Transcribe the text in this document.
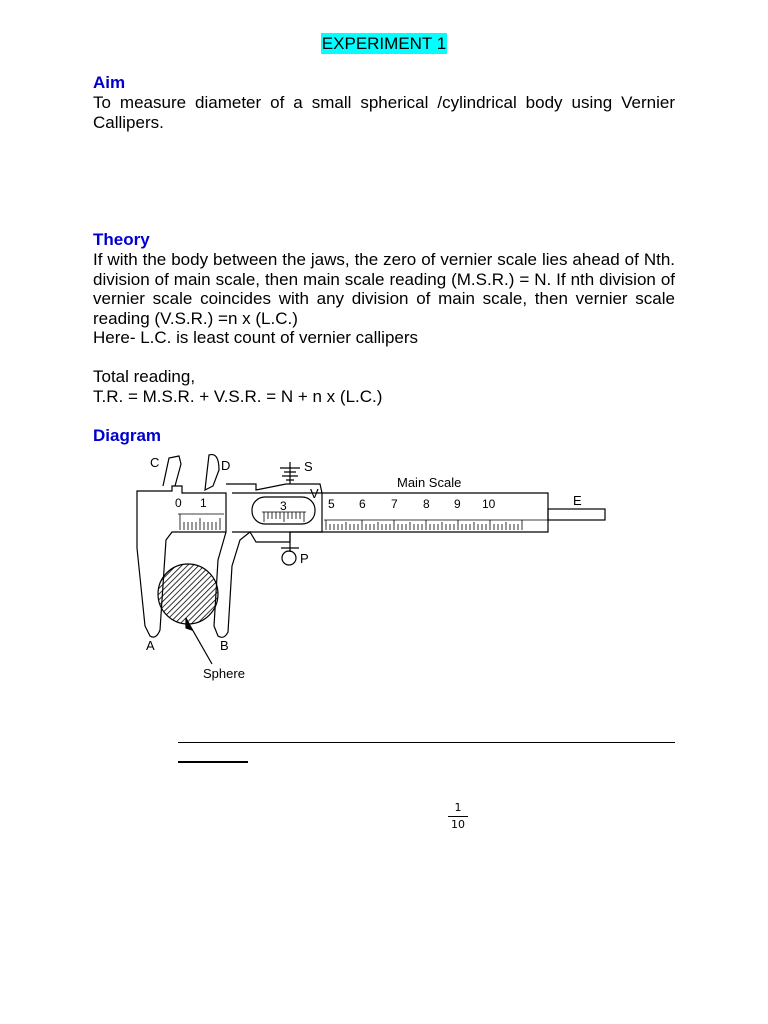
EXPERIMENT 1
Aim
To measure diameter of a small spherical /cylindrical body using Vernier Callipers.
Theory
If with the body between the jaws, the zero of vernier scale lies ahead of Nth. division of main scale, then main scale reading (M.S.R.) = N. If nth division of vernier scale coincides with any division of main scale, then vernier scale reading (V.S.R.) =n x (L.C.)
Here- L.C. is least count of vernier callipers
Total reading,
T.R. = M.S.R. + V.S.R. = N + n x (L.C.)
Diagram
C	D	S
V
P
E
A	B
Main Scale
Sphere
3
0 1	5 6 7 8 9 10
1
10
